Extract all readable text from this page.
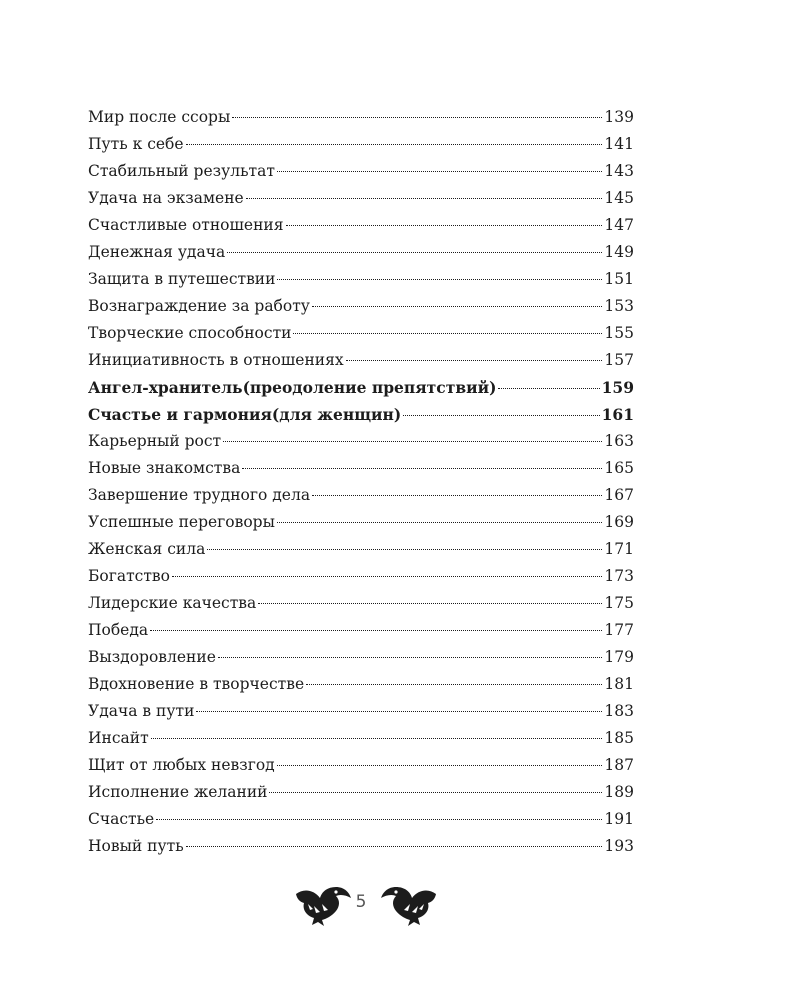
Мир после ссоры	139
Путь к себе	141
Стабильный результат	143
Удача на экзамене	145
Счастливые отношения	147
Денежная удача	149
Защита в путешествии	151
Вознаграждение за работу	153
Творческие способности	155
Инициативность в отношениях	157
Ангел-хранитель(преодоление препятствий)	159
Счастье и гармония(для женщин)	161
Карьерный рост	163
Новые знакомства	165
Завершение трудного дела	167
Успешные переговоры	169
Женская сила	171
Богатство	173
Лидерские качества	175
Победа	177
Выздоровление	179
Вдохновение в творчестве	181
Удача в пути	183
Инсайт	185
Щит от любых невзгод	187
Исполнение желаний	189
Счастье	191
Новый путь	193
5
